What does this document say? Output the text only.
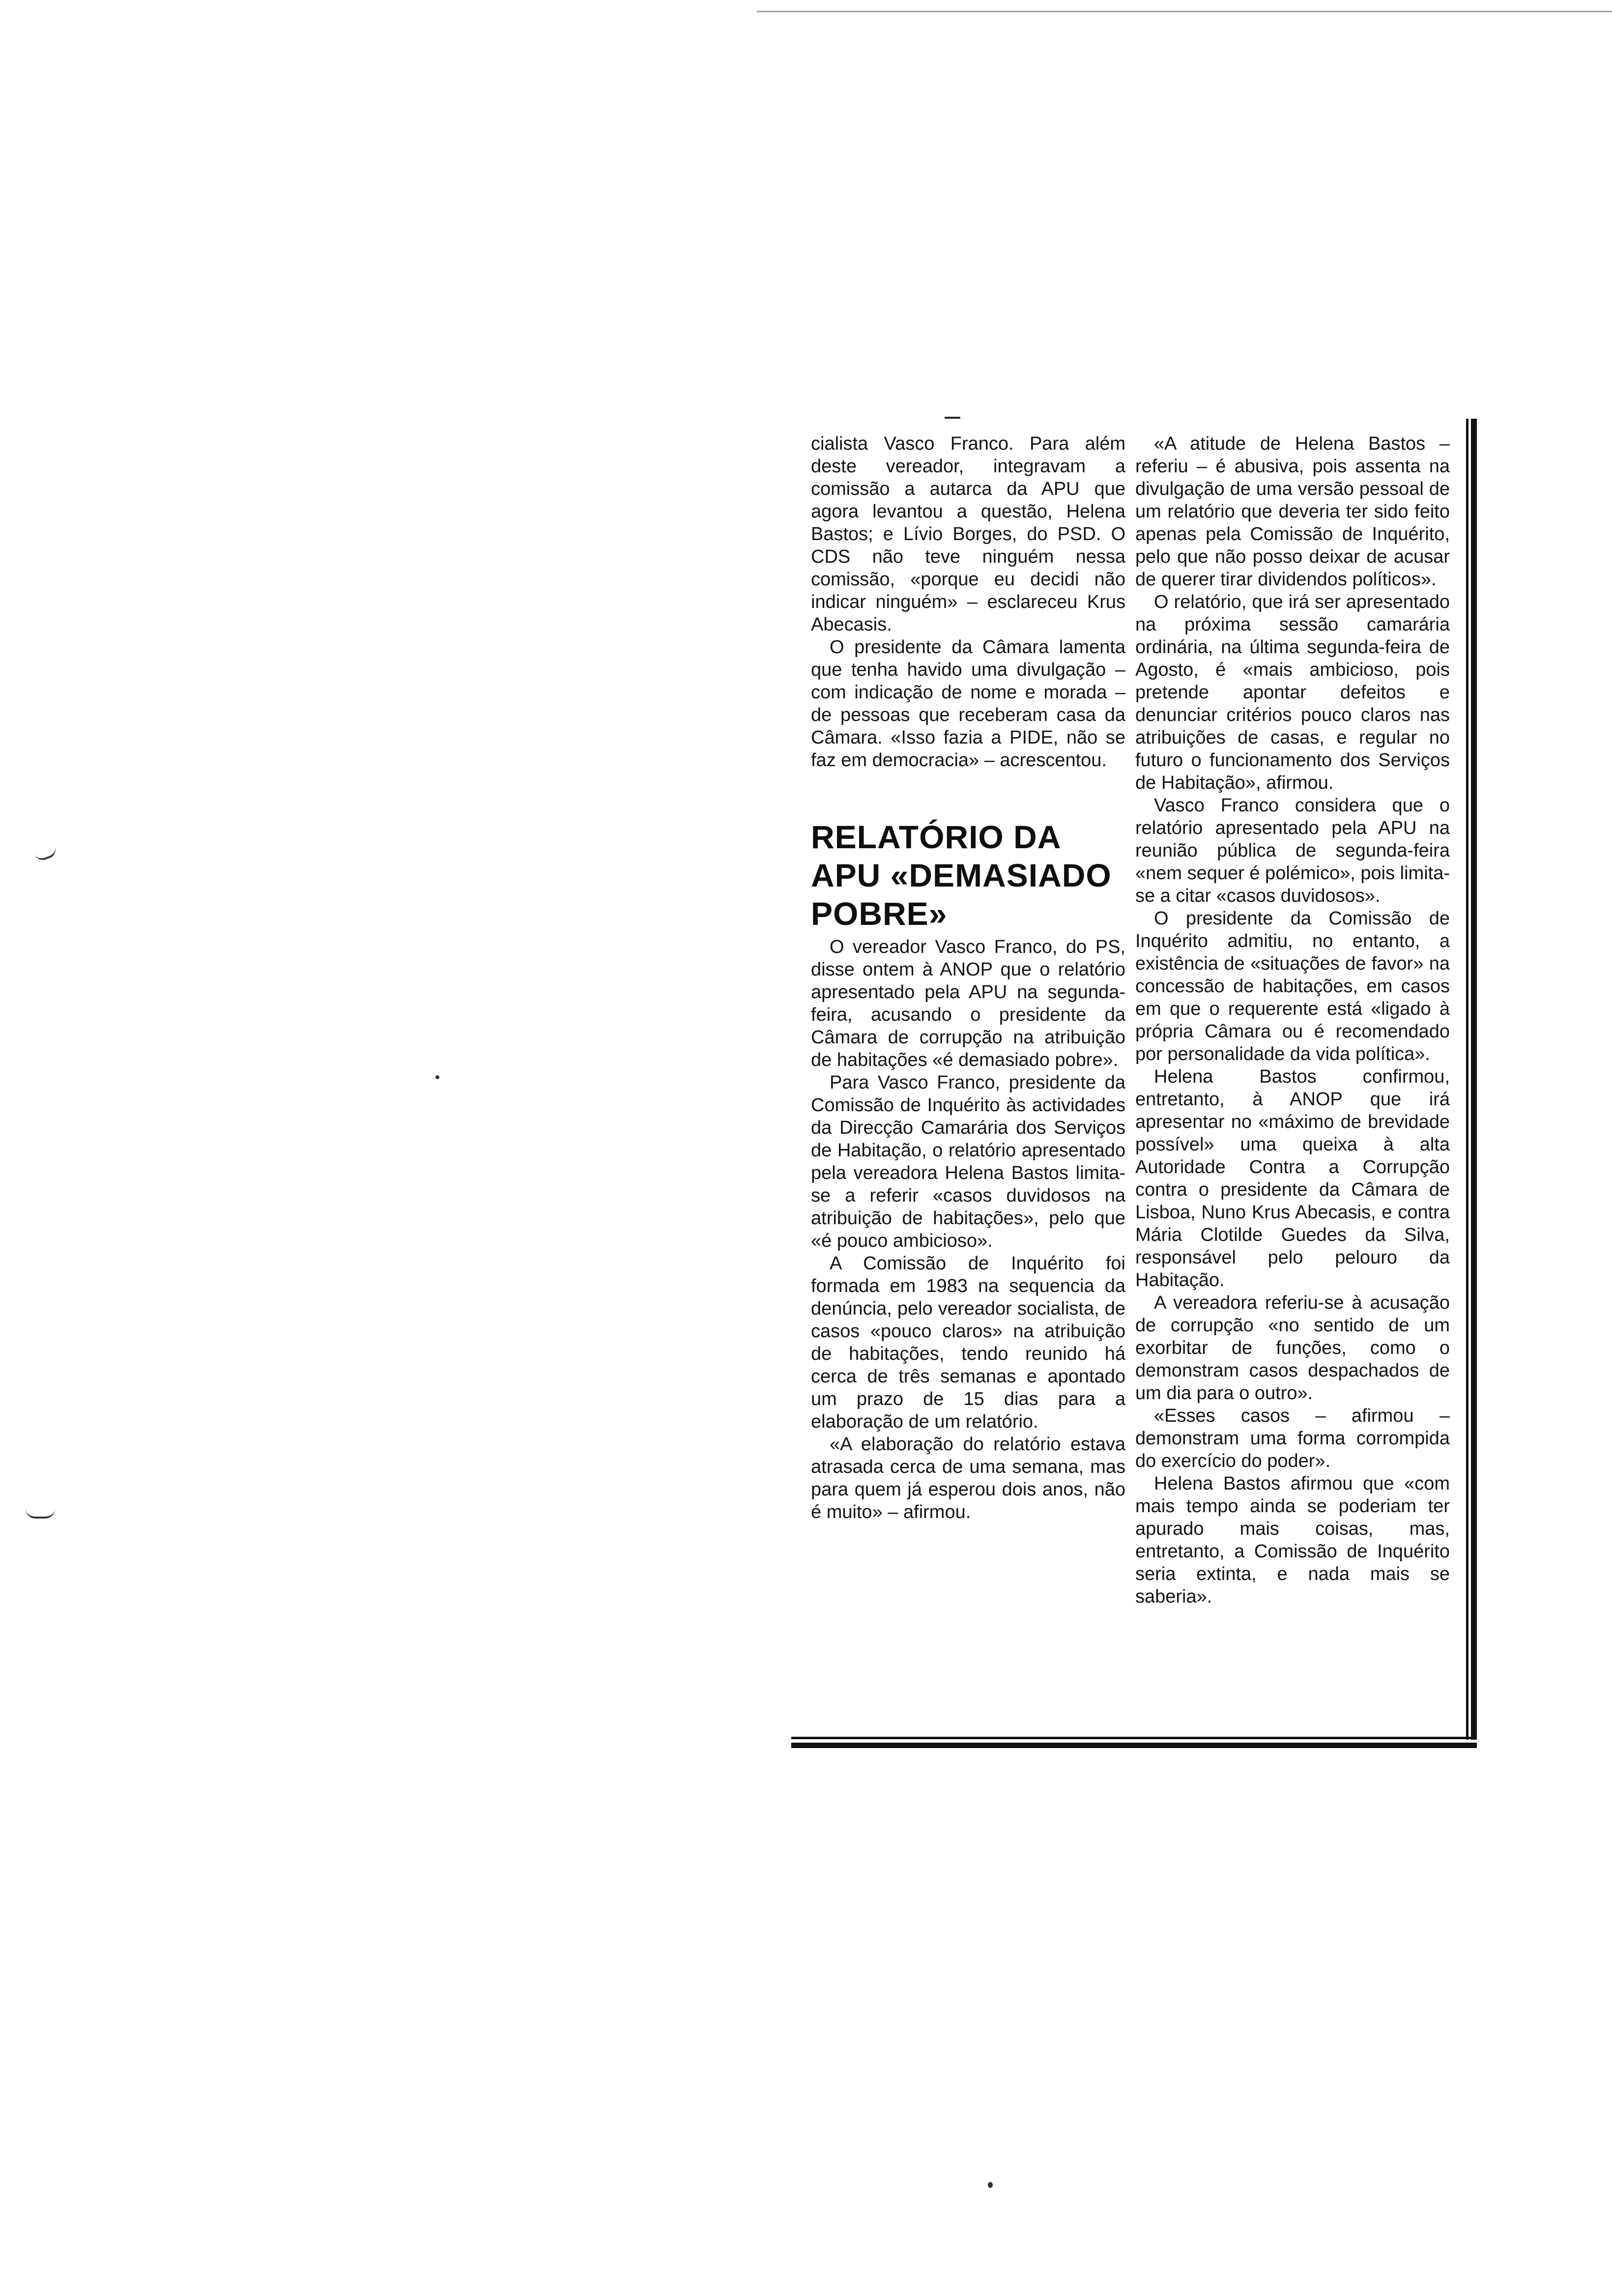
cialista Vasco Franco. Para além deste vereador, integravam a comissão a autarca da APU que agora levantou a questão, Helena Bastos; e Lívio Borges, do PSD. O CDS não teve ninguém nessa comissão, «porque eu decidi não indicar ninguém» – esclareceu Krus Abecasis.

O presidente da Câmara lamenta que tenha havido uma divulgação – com indicação de nome e morada – de pessoas que receberam casa da Câmara. «Isso fazia a PIDE, não se faz em democracia» – acrescentou.

RELATÓRIO DA APU «DEMASIADO POBRE»

O vereador Vasco Franco, do PS, disse ontem à ANOP que o relatório apresentado pela APU na segunda-feira, acusando o presidente da Câmara de corrupção na atribuição de habitações «é demasiado pobre».

Para Vasco Franco, presidente da Comissão de Inquérito às actividades da Direcção Camarária dos Serviços de Habitação, o relatório apresentado pela vereadora Helena Bastos limita-se a referir «casos duvidosos na atribuição de habitações», pelo que «é pouco ambicioso».

A Comissão de Inquérito foi formada em 1983 na sequencia da denúncia, pelo vereador socialista, de casos «pouco claros» na atribuição de habitações, tendo reunido há cerca de três semanas e apontado um prazo de 15 dias para a elaboração de um relatório.

«A elaboração do relatório estava atrasada cerca de uma semana, mas para quem já esperou dois anos, não é muito» – afirmou.

«A atitude de Helena Bastos – referiu – é abusiva, pois assenta na divulgação de uma versão pessoal de um relatório que deveria ter sido feito apenas pela Comissão de Inquérito, pelo que não posso deixar de acusar de querer tirar dividendos políticos».

O relatório, que irá ser apresentado na próxima sessão camarária ordinária, na última segunda-feira de Agosto, é «mais ambicioso, pois pretende apontar defeitos e denunciar critérios pouco claros nas atribuições de casas, e regular no futuro o funcionamento dos Serviços de Habitação», afirmou.

Vasco Franco considera que o relatório apresentado pela APU na reunião pública de segunda-feira «nem sequer é polémico», pois limita-se a citar «casos duvidosos».

O presidente da Comissão de Inquérito admitiu, no entanto, a existência de «situações de favor» na concessão de habitações, em casos em que o requerente está «ligado à própria Câmara ou é recomendado por personalidade da vida política».

Helena Bastos confirmou, entretanto, à ANOP que irá apresentar no «máximo de brevidade possível» uma queixa à alta Autoridade Contra a Corrupção contra o presidente da Câmara de Lisboa, Nuno Krus Abecasis, e contra Mária Clotilde Guedes da Silva, responsável pelo pelouro da Habitação.

A vereadora referiu-se à acusação de corrupção «no sentido de um exorbitar de funções, como o demonstram casos despachados de um dia para o outro».

«Esses casos – afirmou – demonstram uma forma corrompida do exercício do poder».

Helena Bastos afirmou que «com mais tempo ainda se poderiam ter apurado mais coisas, mas, entretanto, a Comissão de Inquérito seria extinta, e nada mais se saberia».
